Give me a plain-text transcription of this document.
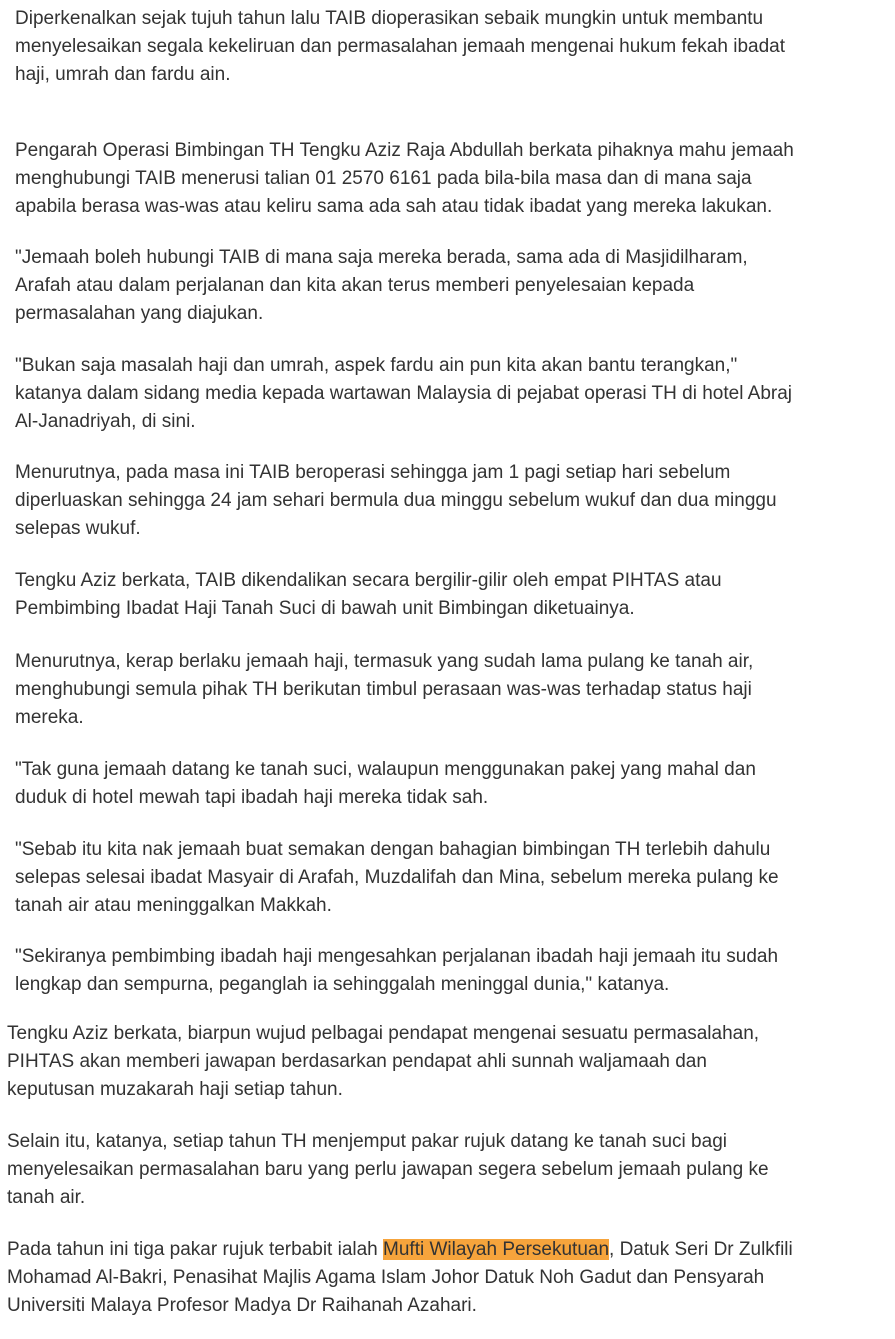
Diperkenalkan sejak tujuh tahun lalu TAIB dioperasikan sebaik mungkin untuk membantu
menyelesaikan segala kekeliruan dan permasalahan jemaah mengenai hukum fekah ibadat
haji, umrah dan fardu ain.

Pengarah Operasi Bimbingan TH Tengku Aziz Raja Abdullah berkata pihaknya mahu jemaah
menghubungi TAIB menerusi talian 01 2570 6161 pada bila-bila masa dan di mana saja
apabila berasa was-was atau keliru sama ada sah atau tidak ibadat yang mereka lakukan.

"Jemaah boleh hubungi TAIB di mana saja mereka berada, sama ada di Masjidilharam,
Arafah atau dalam perjalanan dan kita akan terus memberi penyelesaian kepada
permasalahan yang diajukan.

"Bukan saja masalah haji dan umrah, aspek fardu ain pun kita akan bantu terangkan,"
katanya dalam sidang media kepada wartawan Malaysia di pejabat operasi TH di hotel Abraj
Al-Janadriyah, di sini.

Menurutnya, pada masa ini TAIB beroperasi sehingga jam 1 pagi setiap hari sebelum
diperluaskan sehingga 24 jam sehari bermula dua minggu sebelum wukuf dan dua minggu
selepas wukuf.

Tengku Aziz berkata, TAIB dikendalikan secara bergilir-gilir oleh empat PIHTAS atau
Pembimbing Ibadat Haji Tanah Suci di bawah unit Bimbingan diketuainya.

Menurutnya, kerap berlaku jemaah haji, termasuk yang sudah lama pulang ke tanah air,
menghubungi semula pihak TH berikutan timbul perasaan was-was terhadap status haji
mereka.

"Tak guna jemaah datang ke tanah suci, walaupun menggunakan pakej yang mahal dan
duduk di hotel mewah tapi ibadah haji mereka tidak sah.

"Sebab itu kita nak jemaah buat semakan dengan bahagian bimbingan TH terlebih dahulu
selepas selesai ibadat Masyair di Arafah, Muzdalifah dan Mina, sebelum mereka pulang ke
tanah air atau meninggalkan Makkah.

"Sekiranya pembimbing ibadah haji mengesahkan perjalanan ibadah haji jemaah itu sudah
lengkap dan sempurna, peganglah ia sehinggalah meninggal dunia," katanya.

Tengku Aziz berkata, biarpun wujud pelbagai pendapat mengenai sesuatu permasalahan,
PIHTAS akan memberi jawapan berdasarkan pendapat ahli sunnah waljamaah dan
keputusan muzakarah haji setiap tahun.

Selain itu, katanya, setiap tahun TH menjemput pakar rujuk datang ke tanah suci bagi
menyelesaikan permasalahan baru yang perlu jawapan segera sebelum jemaah pulang ke
tanah air.

Pada tahun ini tiga pakar rujuk terbabit ialah Mufti Wilayah Persekutuan, Datuk Seri Dr Zulkfili
Mohamad Al-Bakri, Penasihat Majlis Agama Islam Johor Datuk Noh Gadut dan Pensyarah
Universiti Malaya Profesor Madya Dr Raihanah Azahari.
